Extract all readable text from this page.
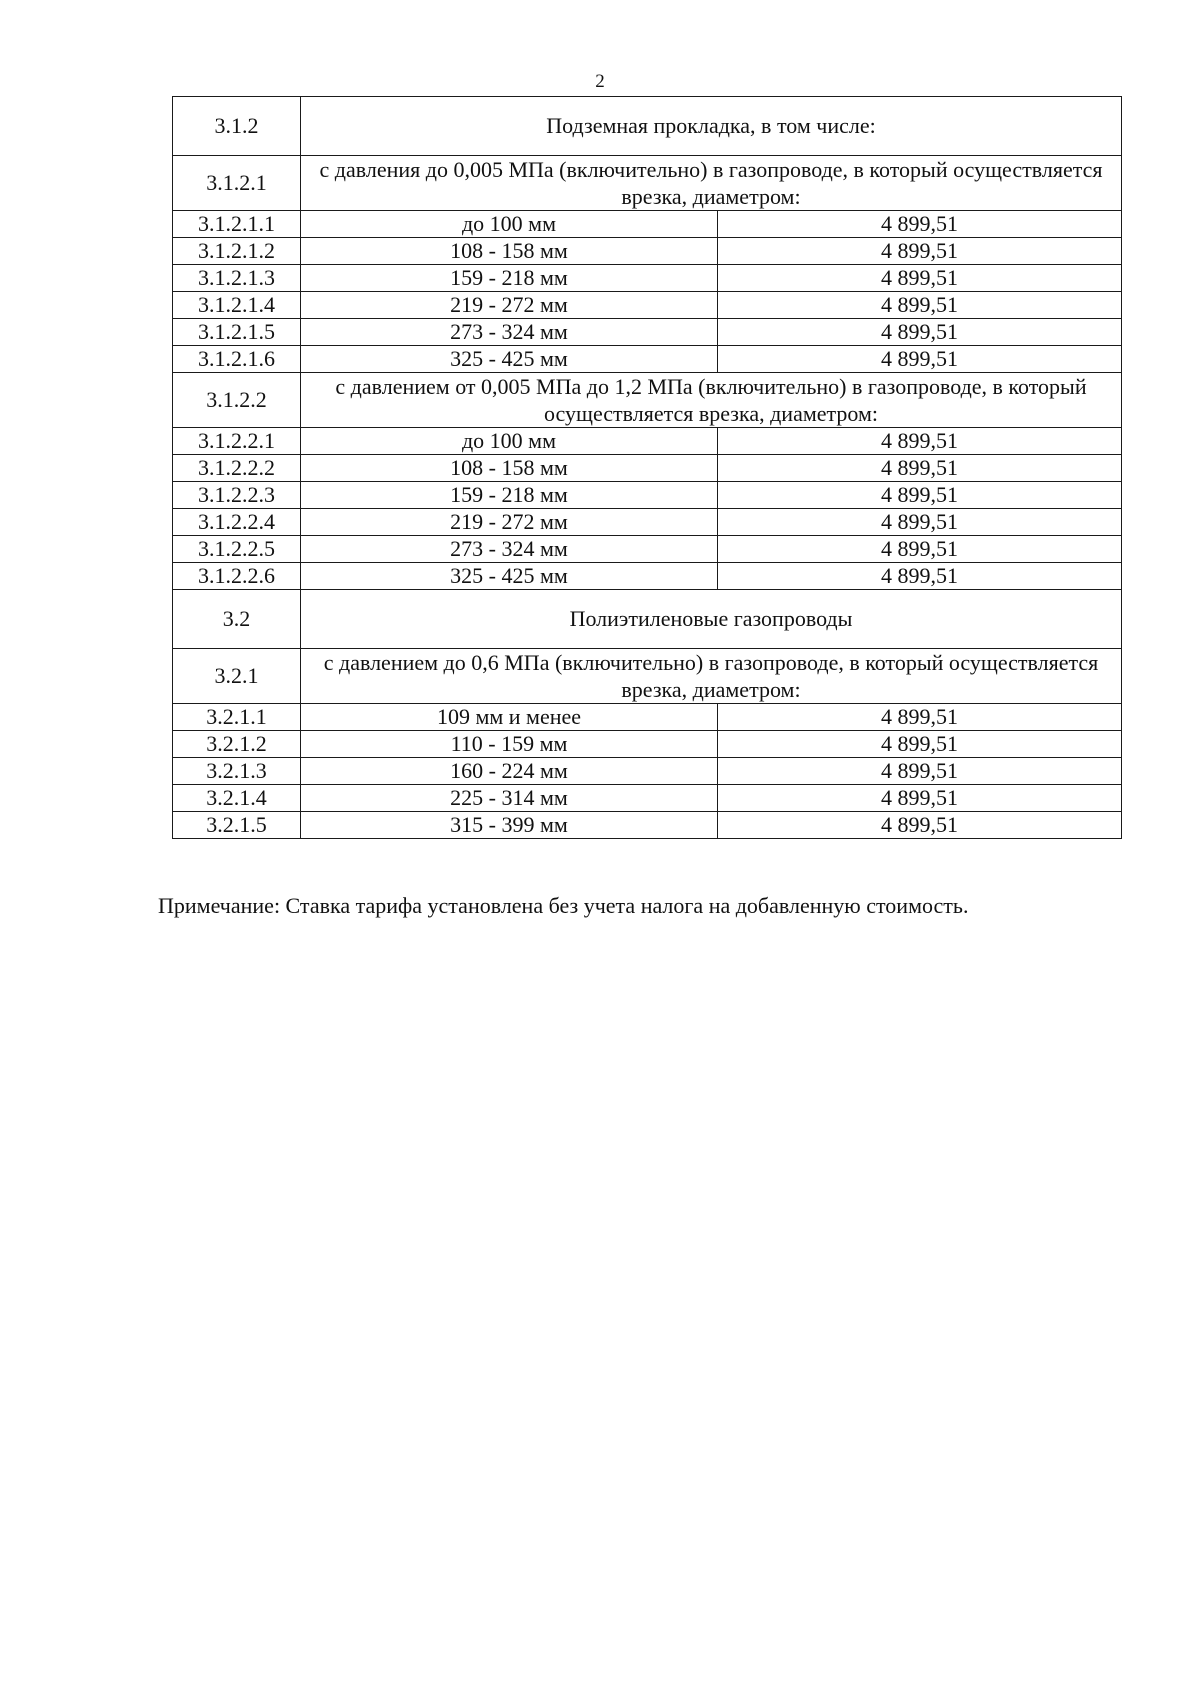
2
3.1.2	Подземная прокладка, в том числе:	
3.1.2.1	с давления до 0,005 МПа (включительно) в газопроводе, в который осуществляется врезка, диаметром:	
3.1.2.1.1	до 100 мм	4 899,51
3.1.2.1.2	108 - 158 мм	4 899,51
3.1.2.1.3	159 - 218 мм	4 899,51
3.1.2.1.4	219 - 272 мм	4 899,51
3.1.2.1.5	273 - 324 мм	4 899,51
3.1.2.1.6	325 - 425 мм	4 899,51
3.1.2.2	с давлением от 0,005 МПа до 1,2 МПа (включительно) в газопроводе, в который осуществляется врезка, диаметром:	
3.1.2.2.1	до 100 мм	4 899,51
3.1.2.2.2	108 - 158 мм	4 899,51
3.1.2.2.3	159 - 218 мм	4 899,51
3.1.2.2.4	219 - 272 мм	4 899,51
3.1.2.2.5	273 - 324 мм	4 899,51
3.1.2.2.6	325 - 425 мм	4 899,51
3.2	Полиэтиленовые газопроводы	
3.2.1	с давлением до 0,6 МПа (включительно) в газопроводе, в который осуществляется врезка, диаметром:	
3.2.1.1	109 мм и менее	4 899,51
3.2.1.2	110 - 159 мм	4 899,51
3.2.1.3	160 - 224 мм	4 899,51
3.2.1.4	225 - 314 мм	4 899,51
3.2.1.5	315 - 399 мм	4 899,51
Примечание: Ставка тарифа установлена без учета налога на добавленную стоимость.
